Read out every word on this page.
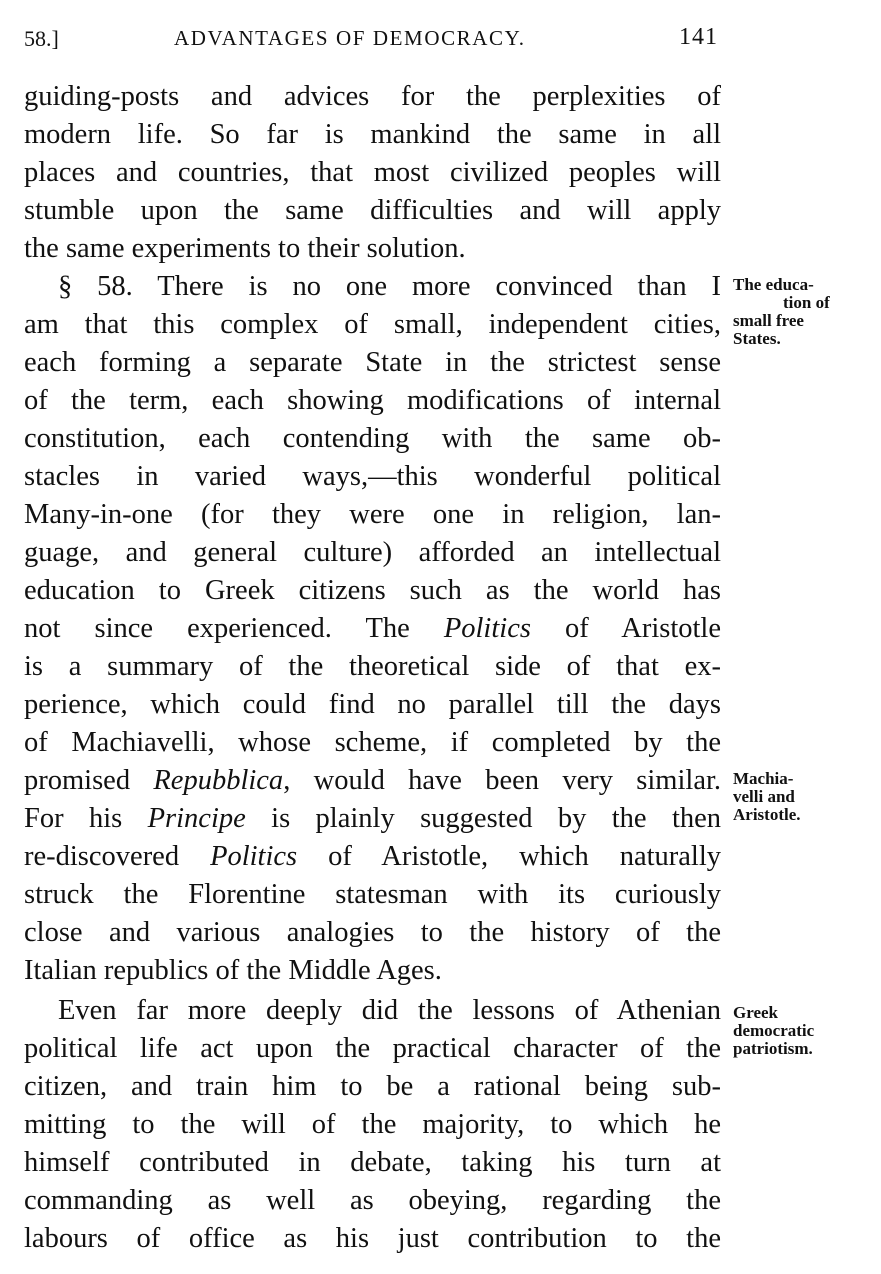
58.]	ADVANTAGES OF DEMOCRACY.	141
guiding-posts and advices for the perplexities of
modern life. So far is mankind the same in all
places and countries, that most civilized peoples will
stumble upon the same difficulties and will apply
the same experiments to their solution.
§ 58. There is no one more convinced than I
am that this complex of small, independent cities,
each forming a separate State in the strictest sense
of the term, each showing modifications of internal
constitution, each contending with the same ob-
stacles in varied ways,—this wonderful political
Many-in-one (for they were one in religion, lan-
guage, and general culture) afforded an intellectual
education to Greek citizens such as the world has
not since experienced. The Politics of Aristotle
is a summary of the theoretical side of that ex-
perience, which could find no parallel till the days
of Machiavelli, whose scheme, if completed by the
promised Repubblica, would have been very similar.
For his Principe is plainly suggested by the then
re-discovered Politics of Aristotle, which naturally
struck the Florentine statesman with its curiously
close and various analogies to the history of the
Italian republics of the Middle Ages.
Even far more deeply did the lessons of Athenian
political life act upon the practical character of the
citizen, and train him to be a rational being sub-
mitting to the will of the majority, to which he
himself contributed in debate, taking his turn at
commanding as well as obeying, regarding the
labours of office as his just contribution to the
The educa-
tion of
small free
States.
Machia-
velli and
Aristotle.
Greek
democratic
patriotism.
